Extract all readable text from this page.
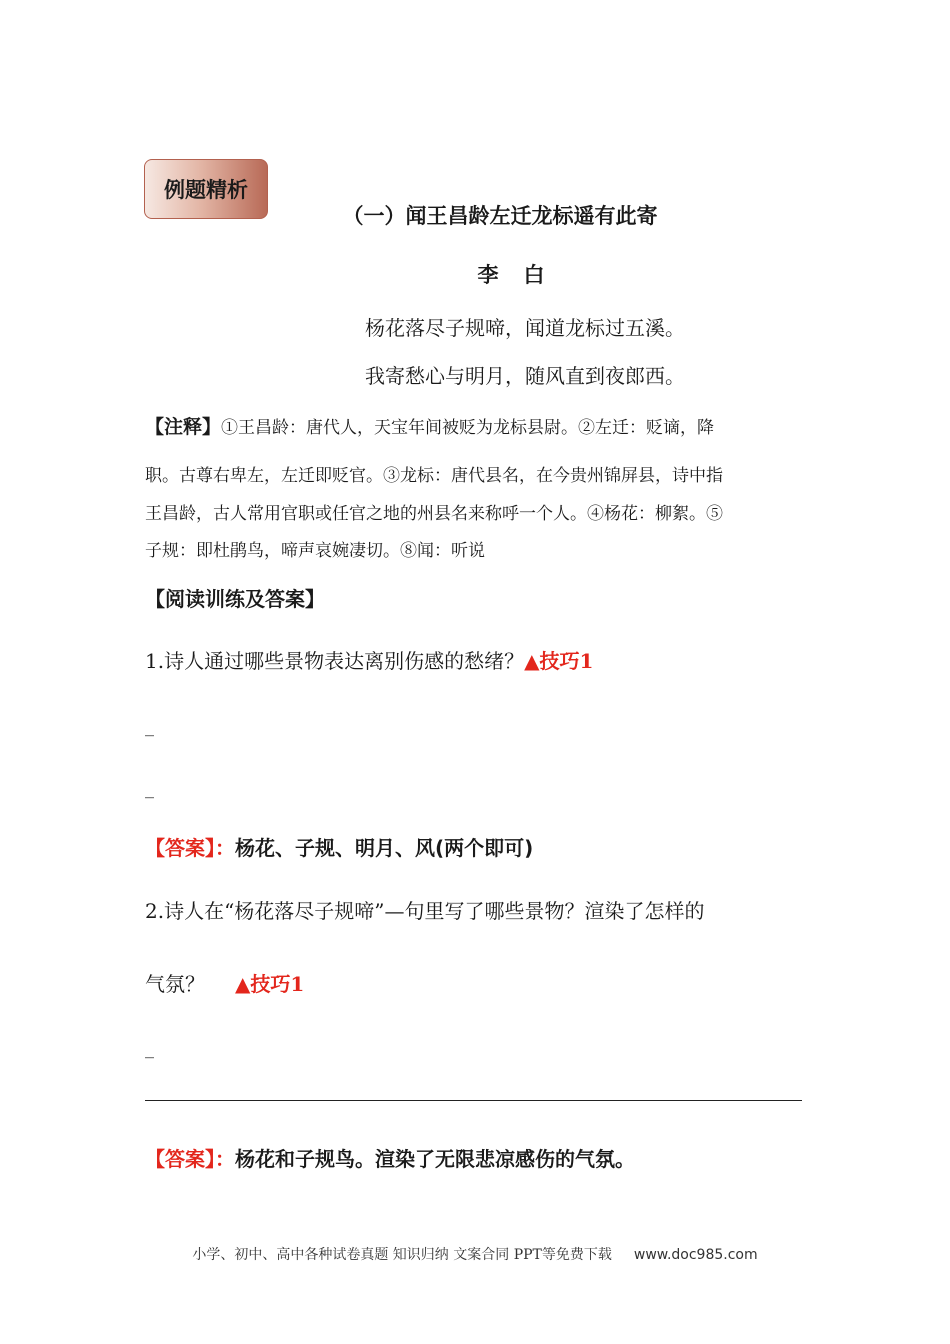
例题精析
（一）闻王昌龄左迁龙标遥有此寄
李　白
杨花落尽子规啼，闻道龙标过五溪。
我寄愁心与明月，随风直到夜郎西。
【注释】①王昌龄：唐代人，天宝年间被贬为龙标县尉。②左迁：贬谪，降
职。古尊右卑左，左迁即贬官。③龙标：唐代县名，在今贵州锦屏县，诗中指
王昌龄，古人常用官职或任官之地的州县名来称呼一个人。④杨花：柳絮。⑤
子规：即杜鹃鸟，啼声哀婉凄切。⑧闻：听说
【阅读训练及答案】
1.诗人通过哪些景物表达离别伤感的愁绪？▲技巧1
_
_
【答案】：杨花、子规、明月、风(两个即可)
2.诗人在“杨花落尽子规啼”—句里写了哪些景物？渲染了怎样的
气氛？ ▲技巧1
_
【答案】：杨花和子规鸟。渲染了无限悲凉感伤的气氛。
小学、初中、高中各种试卷真题 知识归纳 文案合同 PPT等免费下载 www.doc985.com
